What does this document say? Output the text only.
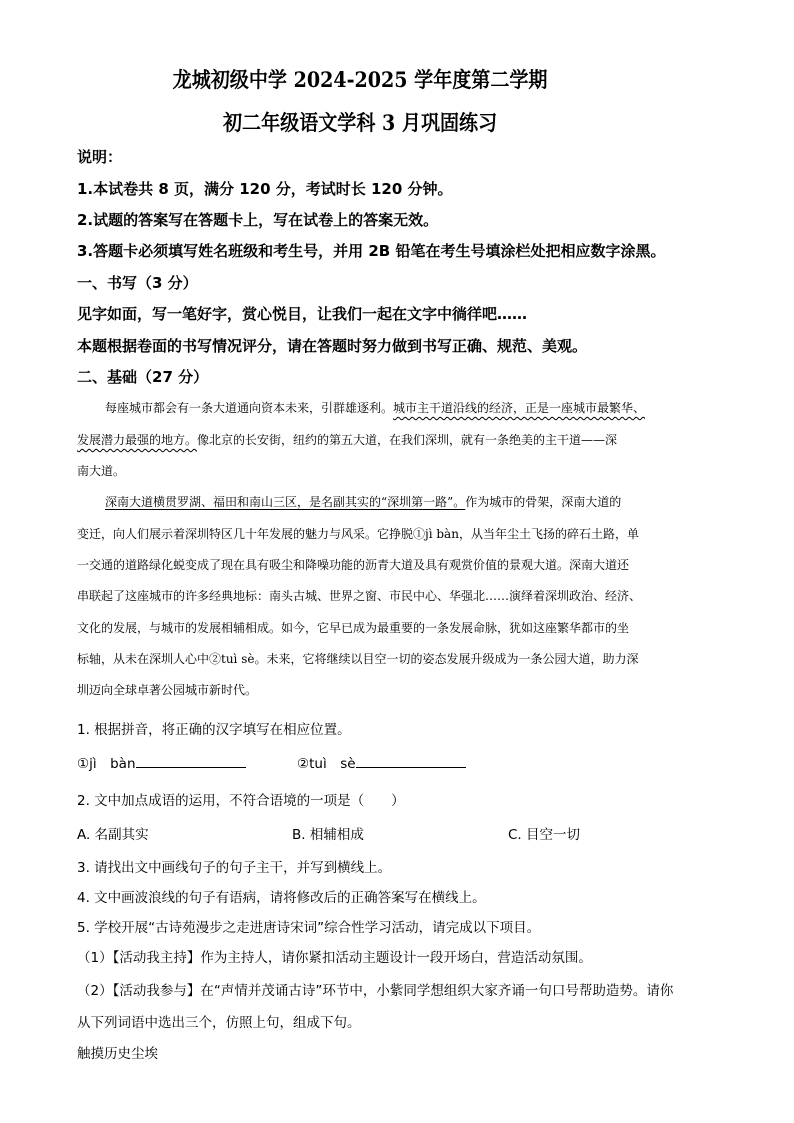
龙城初级中学 2024-2025 学年度第二学期
初二年级语文学科 3 月巩固练习
说明：
1.本试卷共 8 页，满分 120 分，考试时长 120 分钟。
2.试题的答案写在答题卡上，写在试卷上的答案无效。
3.答题卡必须填写姓名班级和考生号，并用 2B 铅笔在考生号填涂栏处把相应数字涂黑。
一、书写（3 分）
见字如面，写一笔好字，赏心悦目，让我们一起在文字中徜徉吧……
本题根据卷面的书写情况评分，请在答题时努力做到书写正确、规范、美观。
二、基础（27 分）
每座城市都会有一条大道通向资本未来，引群雄逐利。城市主干道沿线的经济，正是一座城市最繁华、
发展潜力最强的地方。像北京的长安街，纽约的第五大道，在我们深圳，就有一条绝美的主干道——深
南大道。
深南大道横贯罗湖、福田和南山三区，是名副其实的“深圳第一路”。作为城市的骨架，深南大道的
变迁，向人们展示着深圳特区几十年发展的魅力与风采。它挣脱①jì bàn，从当年尘土飞扬的碎石土路，单
一交通的道路绿化蜕变成了现在具有吸尘和降噪功能的沥青大道及具有观赏价值的景观大道。深南大道还
串联起了这座城市的许多经典地标：南头古城、世界之窗、市民中心、华强北……演绎着深圳政治、经济、
文化的发展，与城市的发展相辅相成。如今，它早已成为最重要的一条发展命脉，犹如这座繁华都市的坐
标轴，从未在深圳人心中②tuì sè。未来，它将继续以目空一切的姿态发展升级成为一条公园大道，助力深
圳迈向全球卓著公园城市新时代。
1. 根据拼音，将正确的汉字填写在相应位置。
①jì　bàn	②tuì　sè
2. 文中加点成语的运用，不符合语境的一项是（　　）
A. 名副其实	B. 相辅相成	C. 目空一切
3. 请找出文中画线句子的句子主干，并写到横线上。
4. 文中画波浪线的句子有语病，请将修改后的正确答案写在横线上。
5. 学校开展“古诗苑漫步之走进唐诗宋词”综合性学习活动，请完成以下项目。
（1）【活动我主持】作为主持人，请你紧扣活动主题设计一段开场白，营造活动氛围。
（2）【活动我参与】在“声情并茂诵古诗”环节中，小紫同学想组织大家齐诵一句口号帮助造势。请你
从下列词语中选出三个，仿照上句，组成下句。
触摸历史尘埃
